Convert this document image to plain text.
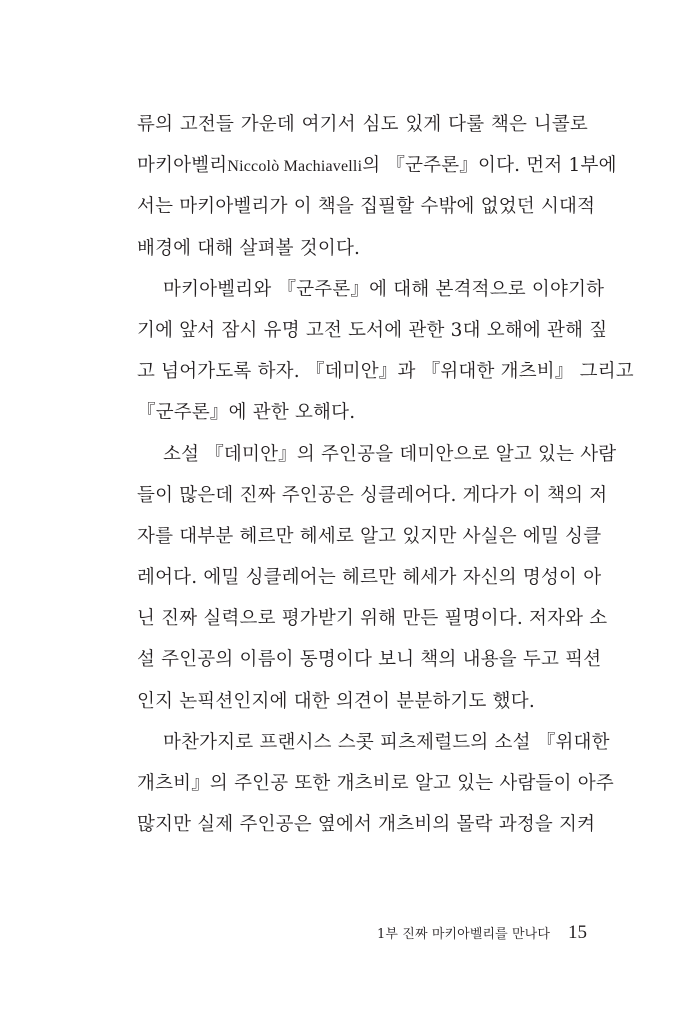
류의 고전들 가운데 여기서 심도 있게 다룰 책은 니콜로
마키아벨리Niccolò Machiavelli의 『군주론』이다. 먼저 1부에
서는 마키아벨리가 이 책을 집필할 수밖에 없었던 시대적
배경에 대해 살펴볼 것이다.
마키아벨리와 『군주론』에 대해 본격적으로 이야기하
기에 앞서 잠시 유명 고전 도서에 관한 3대 오해에 관해 짚
고 넘어가도록 하자. 『데미안』과 『위대한 개츠비』 그리고
『군주론』에 관한 오해다.
소설 『데미안』의 주인공을 데미안으로 알고 있는 사람
들이 많은데 진짜 주인공은 싱클레어다. 게다가 이 책의 저
자를 대부분 헤르만 헤세로 알고 있지만 사실은 에밀 싱클
레어다. 에밀 싱클레어는 헤르만 헤세가 자신의 명성이 아
닌 진짜 실력으로 평가받기 위해 만든 필명이다. 저자와 소
설 주인공의 이름이 동명이다 보니 책의 내용을 두고 픽션
인지 논픽션인지에 대한 의견이 분분하기도 했다.
마찬가지로 프랜시스 스콧 피츠제럴드의 소설 『위대한
개츠비』의 주인공 또한 개츠비로 알고 있는 사람들이 아주
많지만 실제 주인공은 옆에서 개츠비의 몰락 과정을 지켜
1부 진짜 마키아벨리를 만나다 15
